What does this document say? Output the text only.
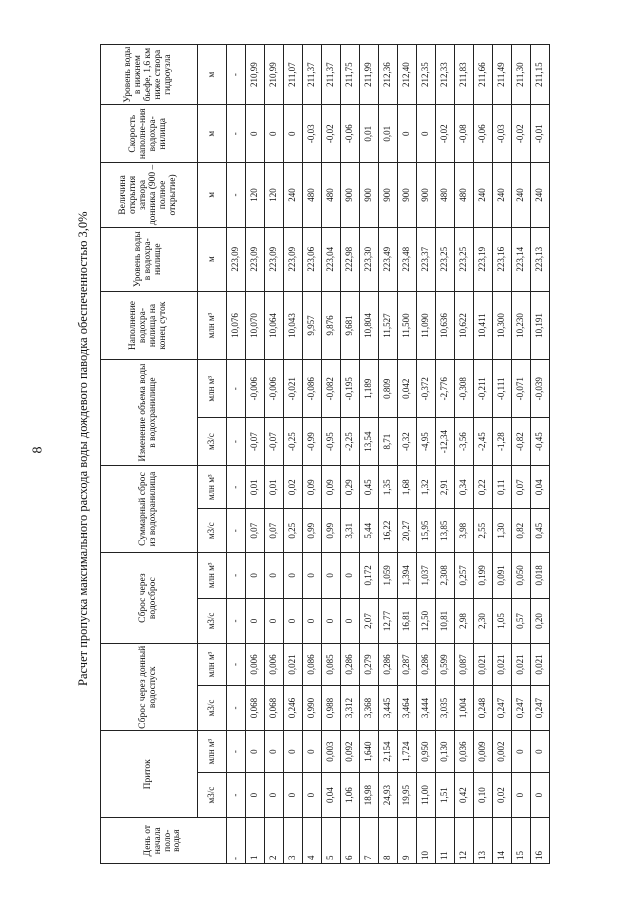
8 Расчет пропуска максимального расхода воды дождевого паводка обеспеченностью 3,0%
День от начала поло-водья	Приток		Сброс через донный водоспуск		Сброс через водосброс		Суммарный сброс из водохранилища		Изменение объема воды в водохранилище		Наполнение водохра-нилища на конец суток	Уровень воды в водохра-нилище	Величина открытия затвора донника (900 – полное открытие)	Скорость наполне-ния водохра-нилища	Уровень воды в нижнем бьефе, 1,6 км ниже створа гидроузла
	м3/с	млн м³	м3/с	млн м³	м3/с	млн м³	м3/с	млн м³	м3/с	млн м³	млн м³	м	м	м	м
-	-	-	-	-	-	-	-	-	-	-	10,076	223,09	-	-	-
1	0	0	0,068	0,006	0	0	0,07	0,01	-0,07	-0,006	10,070	223,09	120	0	210,99
2	0	0	0,068	0,006	0	0	0,07	0,01	-0,07	-0,006	10,064	223,09	120	0	210,99
3	0	0	0,246	0,021	0	0	0,25	0,02	-0,25	-0,021	10,043	223,09	240	0	211,07
4	0	0	0,990	0,086	0	0	0,99	0,09	-0,99	-0,086	9,957	223,06	480	-0,03	211,37
5	0,04	0,003	0,988	0,085	0	0	0,99	0,09	-0,95	-0,082	9,876	223,04	480	-0,02	211,37
6	1,06	0,092	3,312	0,286	0	0	3,31	0,29	-2,25	-0,195	9,681	222,98	900	-0,06	211,75
7	18,98	1,640	3,368	0,279	2,07	0,172	5,44	0,45	13,54	1,189	10,804	223,30	900	0,01	211,99
8	24,93	2,154	3,445	0,286	12,77	1,059	16,22	1,35	8,71	0,809	11,527	223,49	900	0,01	212,36
9	19,95	1,724	3,464	0,287	16,81	1,394	20,27	1,68	-0,32	0,042	11,500	223,48	900	0	212,40
10	11,00	0,950	3,444	0,286	12,50	1,037	15,95	1,32	-4,95	-0,372	11,090	223,37	900	0	212,35
11	1,51	0,130	3,035	0,599	10,81	2,308	13,85	2,91	-12,34	-2,776	10,636	223,25	480	-0,02	212,33
12	0,42	0,036	1,004	0,087	2,98	0,257	3,98	0,34	-3,56	-0,308	10,622	223,25	480	-0,08	211,83
13	0,10	0,009	0,248	0,021	2,30	0,199	2,55	0,22	-2,45	-0,211	10,411	223,19	240	-0,06	211,66
14	0,02	0,002	0,247	0,021	1,05	0,091	1,30	0,11	-1,28	-0,111	10,300	223,16	240	-0,03	211,49
15	0	0	0,247	0,021	0,57	0,050	0,82	0,07	-0,82	-0,071	10,230	223,14	240	-0,02	211,30
16	0	0	0,247	0,021	0,20	0,018	0,45	0,04	-0,45	-0,039	10,191	223,13	240	-0,01	211,15
